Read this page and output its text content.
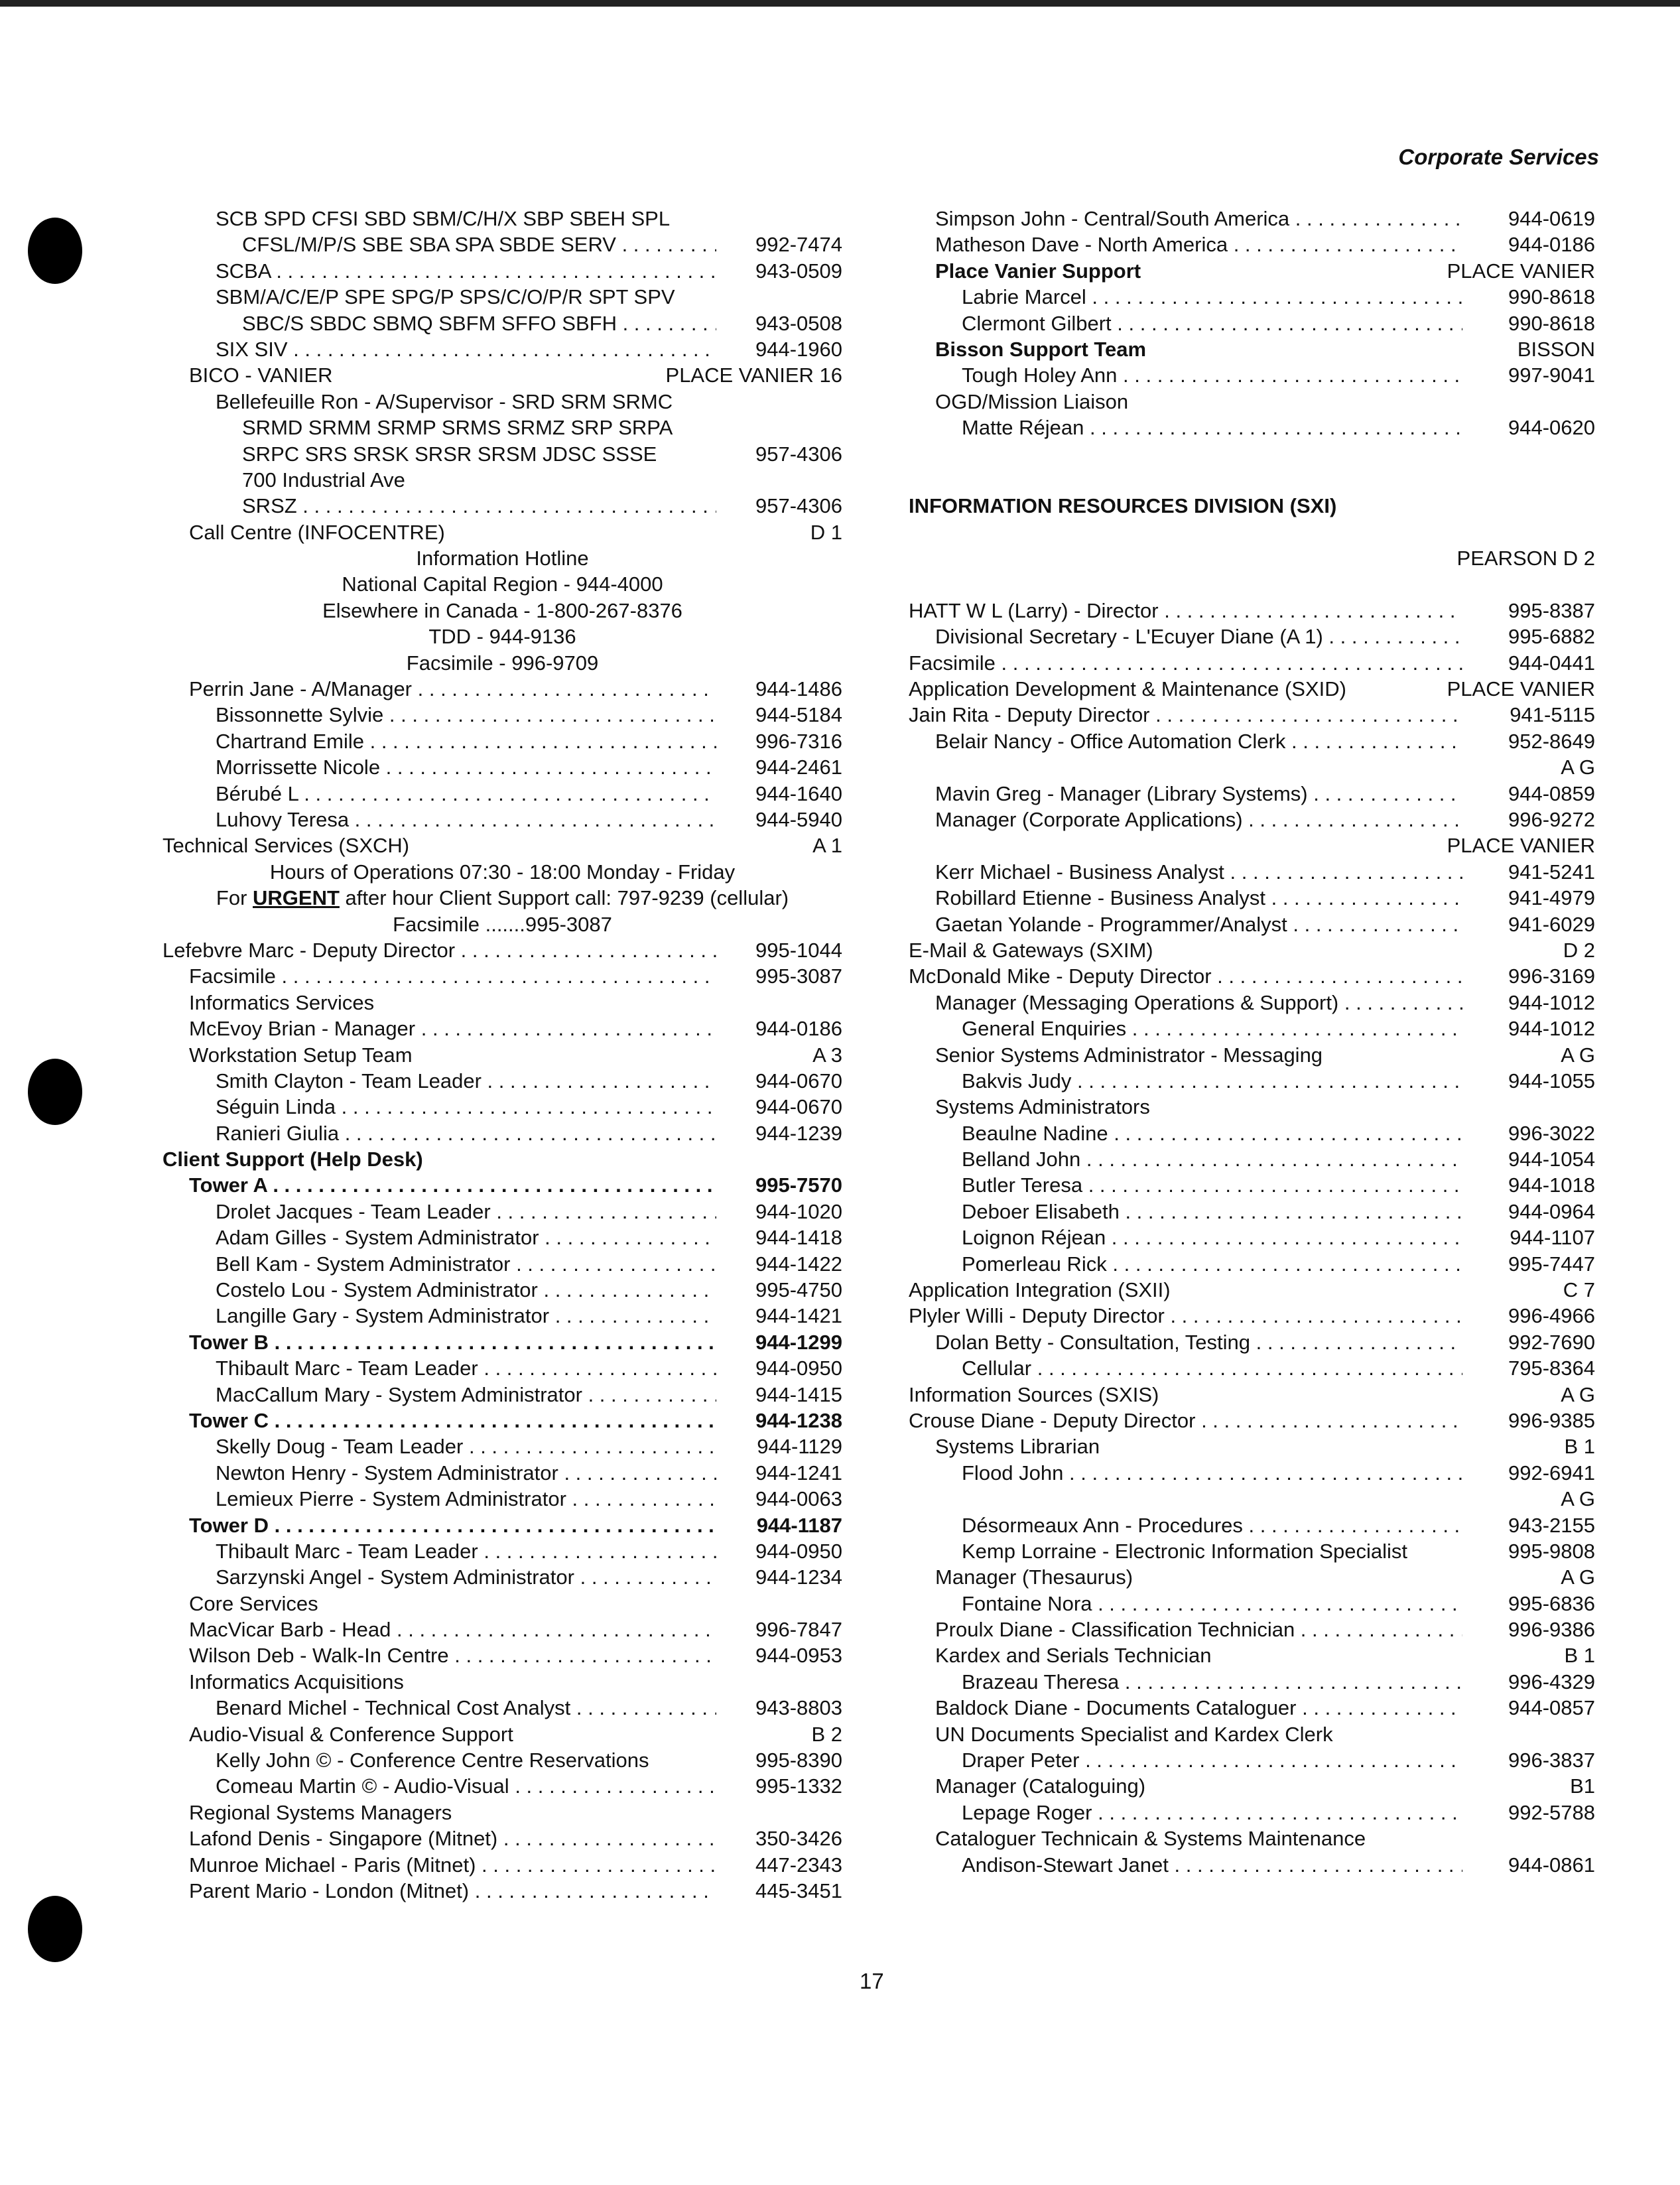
Corporate Services
SCB SPD CFSI SBD SBM/C/H/X SBP SBEH SPL
CFSL/M/P/S SBE SBA SPA SBDE SERV . . .	992-7474
SCBA . . .	943-0509
SBM/A/C/E/P SPE SPG/P SPS/C/O/P/R SPT SPV
SBC/S SBDC SBMQ SBFM SFFO SBFH . . .	943-0508
SIX SIV . . .	944-1960
BICO - VANIER	PLACE VANIER 16
Bellefeuille Ron - A/Supervisor - SRD SRM SRMC
SRMD SRMM SRMP SRMS SRMZ SRP SRPA
SRPC SRS SRSK SRSR SRSM JDSC SSSE	957-4306
700 Industrial Ave
SRSZ . . .	957-4306
Call Centre (INFOCENTRE)	D 1
Information Hotline
National Capital Region - 944-4000
Elsewhere in Canada - 1-800-267-8376
TDD - 944-9136
Facsimile - 996-9709
Perrin Jane - A/Manager . . .	944-1486
Bissonnette Sylvie . . .	944-5184
Chartrand Emile . . .	996-7316
Morrissette Nicole . . .	944-2461
Bérubé L . . .	944-1640
Luhovy Teresa . . .	944-5940
Technical Services (SXCH)	A 1
Hours of Operations 07:30 - 18:00 Monday - Friday
For URGENT after hour Client Support call: 797-9239 (cellular)
Facsimile .......995-3087
Lefebvre Marc - Deputy Director . . .	995-1044
Facsimile . . .	995-3087
Informatics Services
McEvoy Brian - Manager . . .	944-0186
Workstation Setup Team	A 3
Smith Clayton - Team Leader . . .	944-0670
Séguin Linda . . .	944-0670
Ranieri Giulia . . .	944-1239
Client Support (Help Desk)
Tower A . . .	995-7570
Drolet Jacques - Team Leader . . .	944-1020
Adam Gilles - System Administrator . . .	944-1418
Bell Kam - System Administrator . . .	944-1422
Costelo Lou - System Administrator . . .	995-4750
Langille Gary - System Administrator . . .	944-1421
Tower B . . .	944-1299
Thibault Marc - Team Leader . . .	944-0950
MacCallum Mary - System Administrator . . .	944-1415
Tower C . . .	944-1238
Skelly Doug - Team Leader . . .	944-1129
Newton Henry - System Administrator . . .	944-1241
Lemieux Pierre - System Administrator . . .	944-0063
Tower D . . .	944-1187
Thibault Marc - Team Leader . . .	944-0950
Sarzynski Angel - System Administrator . . .	944-1234
Core Services
MacVicar Barb - Head . . .	996-7847
Wilson Deb - Walk-In Centre . . .	944-0953
Informatics Acquisitions
Benard Michel - Technical Cost Analyst . . .	943-8803
Audio-Visual & Conference Support	B 2
Kelly John © - Conference Centre Reservations	995-8390
Comeau Martin © - Audio-Visual . . .	995-1332
Regional Systems Managers
Lafond Denis - Singapore (Mitnet) . . .	350-3426
Munroe Michael - Paris (Mitnet) . . .	447-2343
Parent Mario - London (Mitnet) . . .	445-3451
Simpson John - Central/South America . . .	944-0619
Matheson Dave - North America . . .	944-0186
Place Vanier Support	PLACE VANIER
Labrie Marcel . . .	990-8618
Clermont Gilbert . . .	990-8618
Bisson Support Team	BISSON
Tough Holey Ann . . .	997-9041
OGD/Mission Liaison
Matte Réjean . . .	944-0620
INFORMATION RESOURCES DIVISION (SXI)
PEARSON D 2
HATT W L (Larry) - Director . . .	995-8387
Divisional Secretary - L'Ecuyer Diane (A 1) . . .	995-6882
Facsimile . . .	944-0441
Application Development & Maintenance (SXID)	PLACE VANIER
Jain Rita - Deputy Director . . .	941-5115
Belair Nancy - Office Automation Clerk . . .	952-8649
A G
Mavin Greg - Manager (Library Systems) . . .	944-0859
Manager (Corporate Applications) . . .	996-9272
PLACE VANIER
Kerr Michael - Business Analyst . . .	941-5241
Robillard Etienne - Business Analyst . . .	941-4979
Gaetan Yolande - Programmer/Analyst . . .	941-6029
E-Mail & Gateways (SXIM)	D 2
McDonald Mike - Deputy Director . . .	996-3169
Manager (Messaging Operations & Support) . . .	944-1012
General Enquiries . . .	944-1012
Senior Systems Administrator - Messaging	A G
Bakvis Judy . . .	944-1055
Systems Administrators
Beaulne Nadine . . .	996-3022
Belland John . . .	944-1054
Butler Teresa . . .	944-1018
Deboer Elisabeth . . .	944-0964
Loignon Réjean . . .	944-1107
Pomerleau Rick . . .	995-7447
Application Integration (SXII)	C 7
Plyler Willi - Deputy Director . . .	996-4966
Dolan Betty - Consultation, Testing . . .	992-7690
Cellular . . .	795-8364
Information Sources (SXIS)	A G
Crouse Diane - Deputy Director . . .	996-9385
Systems Librarian	B 1
Flood John . . .	992-6941
A G
Désormeaux Ann - Procedures . . .	943-2155
Kemp Lorraine - Electronic Information Specialist	995-9808
Manager (Thesaurus)	A G
Fontaine Nora . . .	995-6836
Proulx Diane - Classification Technician . . .	996-9386
Kardex and Serials Technician	B 1
Brazeau Theresa . . .	996-4329
Baldock Diane - Documents Cataloguer . . .	944-0857
UN Documents Specialist and Kardex Clerk
Draper Peter . . .	996-3837
Manager (Cataloguing)	B1
Lepage Roger . . .	992-5788
Cataloguer Technicain & Systems Maintenance
Andison-Stewart Janet . . .	944-0861
17
